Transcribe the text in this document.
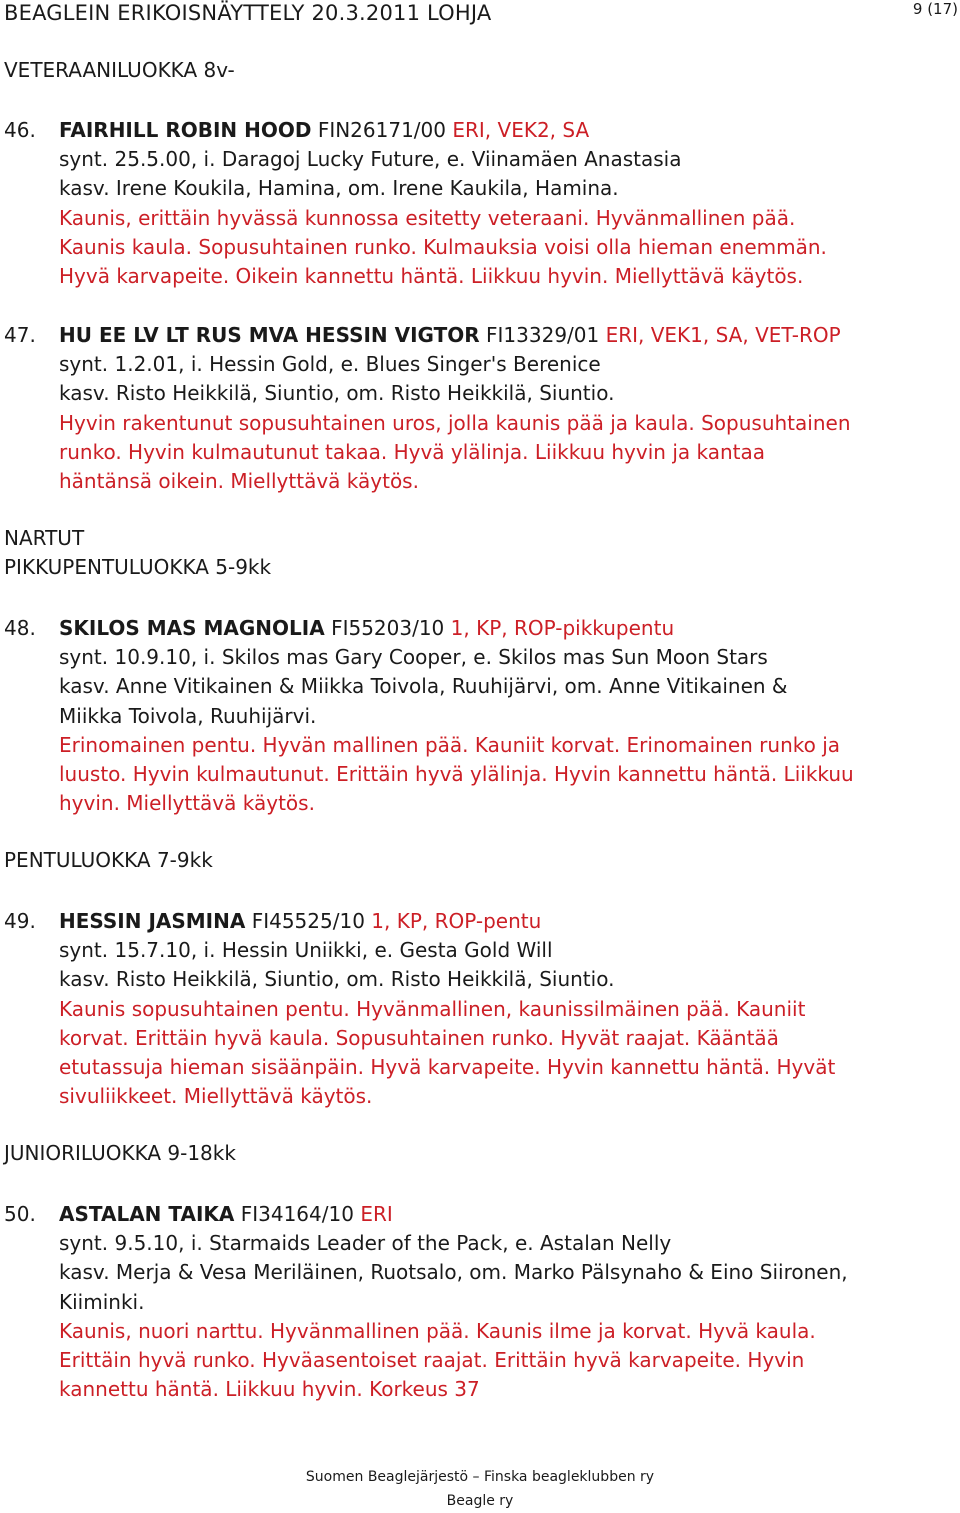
BEAGLEIN ERIKOISNÄYTTELY 20.3.2011 LOHJA	9 (17)
VETERAANILUOKKA 8v-
46. FAIRHILL ROBIN HOOD FIN26171/00 ERI, VEK2, SA
synt. 25.5.00, i. Daragoj Lucky Future, e. Viinamäen Anastasia
kasv. Irene Koukila, Hamina, om. Irene Kaukila, Hamina.
Kaunis, erittäin hyvässä kunnossa esitetty veteraani. Hyvänmallinen pää.
Kaunis kaula. Sopusuhtainen runko. Kulmauksia voisi olla hieman enemmän.
Hyvä karvapeite. Oikein kannettu häntä. Liikkuu hyvin. Miellyttävä käytös.
47. HU EE LV LT RUS MVA HESSIN VIGTOR FI13329/01 ERI, VEK1, SA, VET-ROP
synt. 1.2.01, i. Hessin Gold, e. Blues Singer's Berenice
kasv. Risto Heikkilä, Siuntio, om. Risto Heikkilä, Siuntio.
Hyvin rakentunut sopusuhtainen uros, jolla kaunis pää ja kaula. Sopusuhtainen
runko. Hyvin kulmautunut takaa. Hyvä ylälinja. Liikkuu hyvin ja kantaa
häntänsä oikein. Miellyttävä käytös.
NARTUT
PIKKUPENTULUOKKA 5-9kk
48. SKILOS MAS MAGNOLIA FI55203/10 1, KP, ROP-pikkupentu
synt. 10.9.10, i. Skilos mas Gary Cooper, e. Skilos mas Sun Moon Stars
kasv. Anne Vitikainen & Miikka Toivola, Ruuhijärvi, om. Anne Vitikainen &
Miikka Toivola, Ruuhijärvi.
Erinomainen pentu. Hyvän mallinen pää. Kauniit korvat. Erinomainen runko ja
luusto. Hyvin kulmautunut. Erittäin hyvä ylälinja. Hyvin kannettu häntä. Liikkuu
hyvin. Miellyttävä käytös.
PENTULUOKKA 7-9kk
49. HESSIN JASMINA FI45525/10 1, KP, ROP-pentu
synt. 15.7.10, i. Hessin Uniikki, e. Gesta Gold Will
kasv. Risto Heikkilä, Siuntio, om. Risto Heikkilä, Siuntio.
Kaunis sopusuhtainen pentu. Hyvänmallinen, kaunissilmäinen pää. Kauniit
korvat. Erittäin hyvä kaula. Sopusuhtainen runko. Hyvät raajat. Kääntää
etutassuja hieman sisäänpäin. Hyvä karvapeite. Hyvin kannettu häntä. Hyvät
sivuliikkeet. Miellyttävä käytös.
JUNIORILUOKKA 9-18kk
50. ASTALAN TAIKA FI34164/10 ERI
synt. 9.5.10, i. Starmaids Leader of the Pack, e. Astalan Nelly
kasv. Merja & Vesa Meriläinen, Ruotsalo, om. Marko Pälsynaho & Eino Siironen,
Kiiminki.
Kaunis, nuori narttu. Hyvänmallinen pää. Kaunis ilme ja korvat. Hyvä kaula.
Erittäin hyvä runko. Hyväasentoiset raajat. Erittäin hyvä karvapeite. Hyvin
kannettu häntä. Liikkuu hyvin. Korkeus 37
Suomen Beaglejärjestö – Finska beagleklubben ry
Beagle ry
